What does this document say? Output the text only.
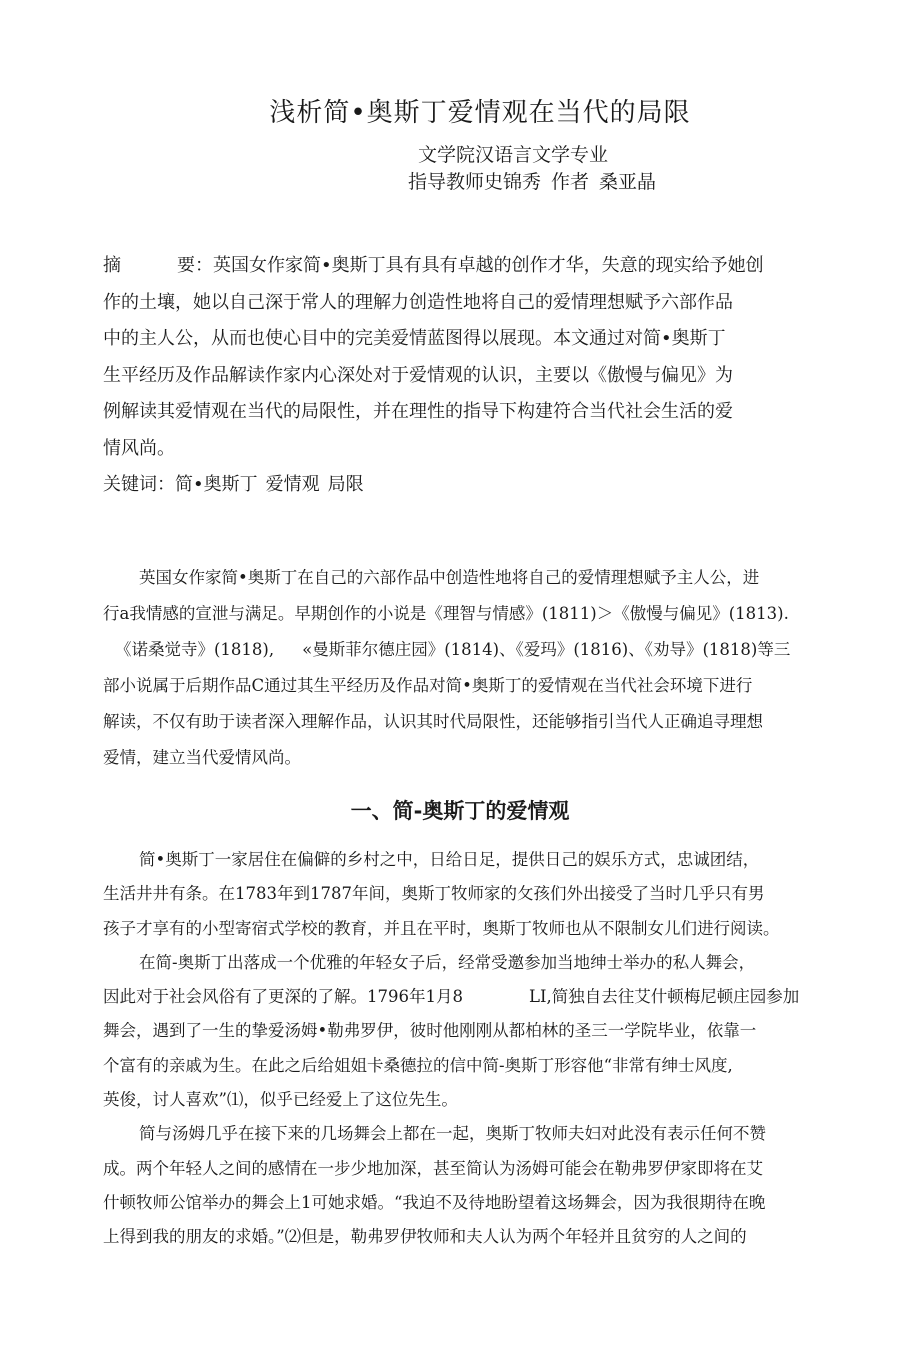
浅析简•奥斯丁爱情观在当代的局限
文学院汉语言文学专业
指导教师史锦秀 作者 桑亚晶
摘	要：英国女作家简•奥斯丁具有具有卓越的创作才华，失意的现实给予她创
作的土壤，她以自己深于常人的理解力创造性地将自己的爱情理想赋予六部作品
中的主人公，从而也使心目中的完美爱情蓝图得以展现。本文通过对简•奥斯丁
生平经历及作品解读作家内心深处对于爱情观的认识，主要以《傲慢与偏见》为
例解读其爱情观在当代的局限性，并在理性的指导下构建符合当代社会生活的爱
情风尚。
关键词：简•奥斯丁 爱情观 局限
英国女作家简•奥斯丁在自己的六部作品中创造性地将自己的爱情理想赋予主人公，进
行a我情感的宣泄与满足。早期创作的小说是《理智与情感》(1811)＞《傲慢与偏见》(1813).
《诺桑觉寺》(1818), «曼斯菲尔德庄园》(1814)、《爱玛》(1816)、《劝导》(1818)等三
部小说属于后期作品C通过其生平经历及作品对简•奥斯丁的爱情观在当代社会环境下进行
解读，不仅有助于读者深入理解作品，认识其时代局限性，还能够指引当代人正确追寻理想
爱情，建立当代爱情风尚。
一、简-奥斯丁的爱情观
简•奥斯丁一家居住在偏僻的乡村之中，日给日足，提供日己的娱乐方式，忠诚团结，
生活井井有条。在1783年到1787年间，奥斯丁牧师家的攵孩们外出接受了当时几乎只有男
孩子才享有的小型寄宿式学校的教育，并且在平时，奥斯丁牧师也从不限制女儿们进行阅读。
在简-奥斯丁出落成一个优雅的年轻女子后，经常受邀参加当地绅士举办的私人舞会，
因此对于社会风俗有了更深的了解。1796年1月8	LI,简独自去往艾什顿梅尼顿庄园参加
舞会，遇到了一生的挚爱汤姆•勒弗罗伊，彼时他刚刚从都柏林的圣三一学院毕业，依靠一
个富有的亲戚为生。在此之后给姐姐卡桑德拉的信中简-奥斯丁形容他“非常有绅士风度,
英俊，讨人喜欢”⑴，似乎已经爱上了这位先生。
简与汤姆几乎在接下来的几场舞会上都在一起，奥斯丁牧师夫妇对此没有表示任何不赞
成。两个年轻人之间的感情在一步少地加深，甚至简认为汤姆可能会在勒弗罗伊家即将在艾
什顿牧师公馆举办的舞会上1可她求婚。“我迫不及待地盼望着这场舞会，因为我很期待在晚
上得到我的朋友的求婚。”⑵但是，勒弗罗伊牧师和夫人认为两个年轻并且贫穷的人之间的
